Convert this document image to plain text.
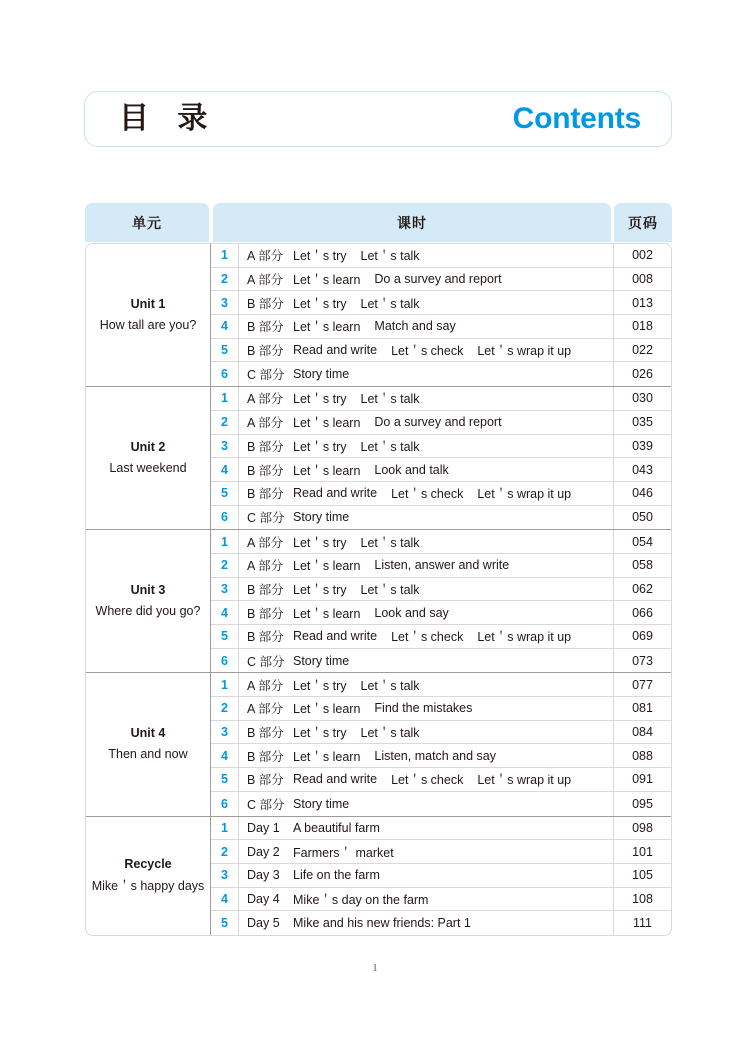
目 录	Contents
单元	课时	页码
Unit 1
How tall are you?
1	A 部分 Let＇s try Let＇s talk	002
2	A 部分 Let＇s learn Do a survey and report	008
3	B 部分 Let＇s try Let＇s talk	013
4	B 部分 Let＇s learn Match and say	018
5	B 部分 Read and write Let＇s check Let＇s wrap it up	022
6	C 部分 Story time	026
Unit 2
Last weekend
1	A 部分 Let＇s try Let＇s talk	030
2	A 部分 Let＇s learn Do a survey and report	035
3	B 部分 Let＇s try Let＇s talk	039
4	B 部分 Let＇s learn Look and talk	043
5	B 部分 Read and write Let＇s check Let＇s wrap it up	046
6	C 部分 Story time	050
Unit 3
Where did you go?
1	A 部分 Let＇s try Let＇s talk	054
2	A 部分 Let＇s learn Listen, answer and write	058
3	B 部分 Let＇s try Let＇s talk	062
4	B 部分 Let＇s learn Look and say	066
5	B 部分 Read and write Let＇s check Let＇s wrap it up	069
6	C 部分 Story time	073
Unit 4
Then and now
1	A 部分 Let＇s try Let＇s talk	077
2	A 部分 Let＇s learn Find the mistakes	081
3	B 部分 Let＇s try Let＇s talk	084
4	B 部分 Let＇s learn Listen, match and say	088
5	B 部分 Read and write Let＇s check Let＇s wrap it up	091
6	C 部分 Story time	095
Recycle
Mike＇s happy days
1	Day 1	A beautiful farm	098
2	Day 2	Farmers＇ market	101
3	Day 3	Life on the farm	105
4	Day 4	Mike＇s day on the farm	108
5	Day 5	Mike and his new friends: Part 1	111
1
